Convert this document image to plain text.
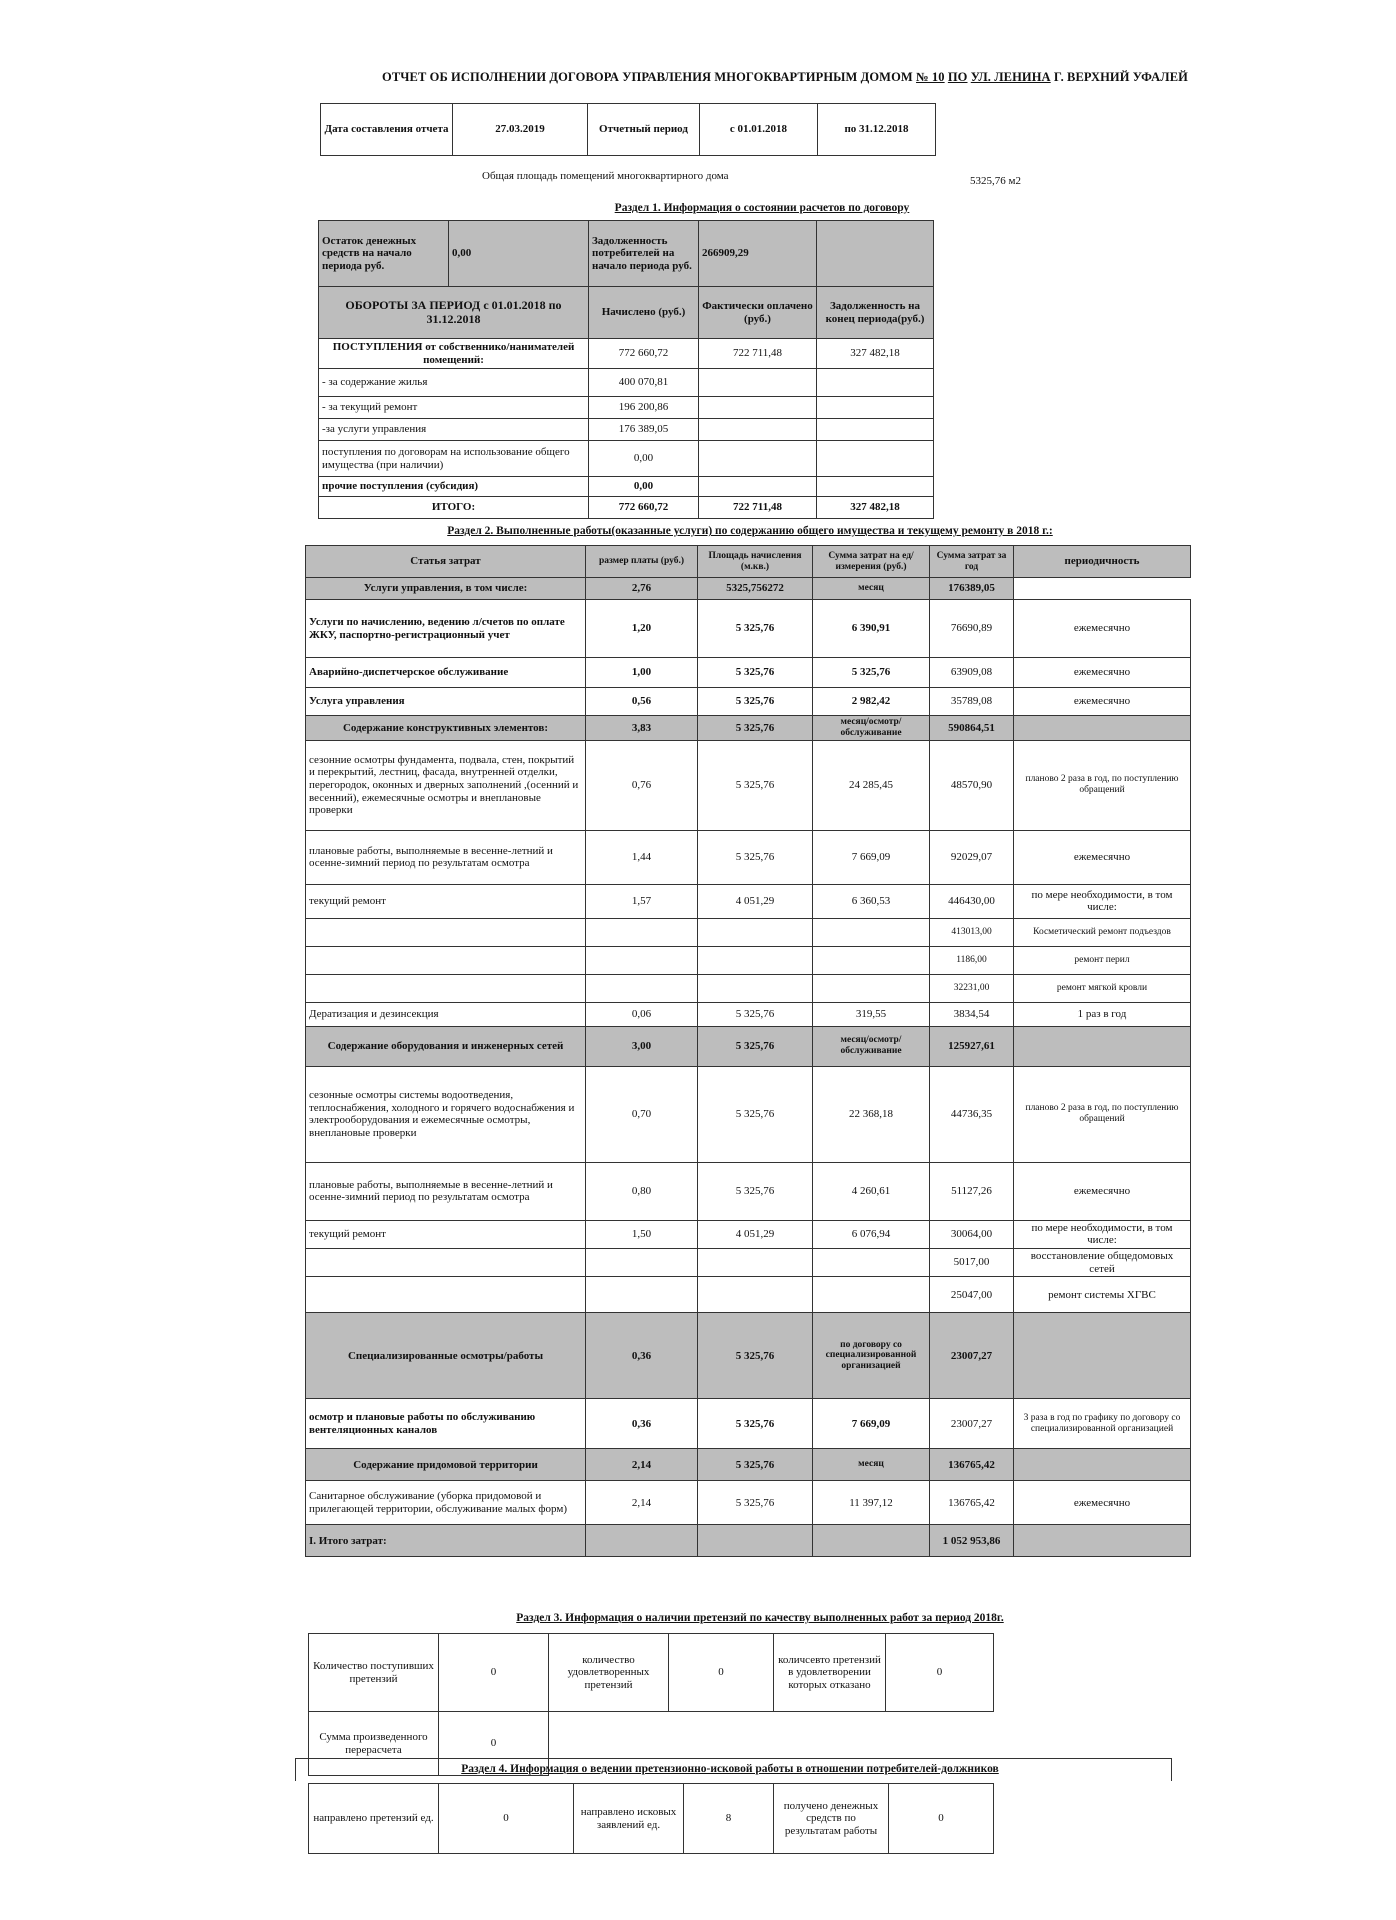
ОТЧЕТ ОБ ИСПОЛНЕНИИ ДОГОВОРА УПРАВЛЕНИЯ МНОГОКВАРТИРНЫМ ДОМОМ № 10 ПО УЛ. ЛЕНИНА Г. ВЕРХНИЙ УФАЛЕЙ
Дата составления отчета	27.03.2019	Отчетный период	с 01.01.2018	по 31.12.2018
Общая площадь помещений многоквартирного дома	5325,76 м2
Раздел 1. Информация о состоянии расчетов по договору
Остаток денежных средств на начало периода руб.	0,00	Задолженность потребителей на начало периода руб.	266909,29	
ОБОРОТЫ ЗА ПЕРИОД с 01.01.2018 по 31.12.2018		Начислено (руб.)	Фактически оплачено (руб.)	Задолженность на конец периода(руб.)
ПОСТУПЛЕНИЯ от собственнико/нанимателей помещений:		772 660,72	722 711,48	327 482,18
- за содержание жилья		400 070,81		
- за текущий ремонт		196 200,86		
-за услуги управления		176 389,05		
поступления по договорам на использование общего имущества (при наличии)		0,00		
прочие поступления (субсидия)		0,00		
ИТОГО:		772 660,72	722 711,48	327 482,18
Раздел 2. Выполненные работы(оказанные услуги) по содержанию общего имущества и текущему ремонту в 2018 г.:
Статья затрат	размер платы (руб.)	Площадь начисления (м.кв.)	Сумма затрат на ед/измерения (руб.)	Сумма затрат за год	периодичность
Услуги управления, в том числе:	2,76	5325,756272	месяц	176389,05	
Услуги по начислению, ведению л/счетов по оплате ЖКУ, паспортно-регистрационный учет	1,20	5 325,76	6 390,91	76690,89	ежемесячно
Аварийно-диспетчерское обслуживание	1,00	5 325,76	5 325,76	63909,08	ежемесячно
Услуга управления	0,56	5 325,76	2 982,42	35789,08	ежемесячно
Содержание конструктивных элементов:	3,83	5 325,76	месяц/осмотр/обслуживание	590864,51	
сезонние осмотры фундамента, подвала, стен, покрытий и перекрытий, лестниц, фасада, внутренней отделки, перегородок, оконных и дверных заполнений ,(осенний и весенний), ежемесячные осмотры и внеплановые проверки	0,76	5 325,76	24 285,45	48570,90	планово 2 раза в год, по поступлению обращений
плановые работы, выполняемые в весенне-летний и осенне-зимний период по результатам осмотра	1,44	5 325,76	7 669,09	92029,07	ежемесячно
текущий ремонт	1,57	4 051,29	6 360,53	446430,00	по мере необходимости, в том числе:
				413013,00	Косметический ремонт подъездов
				1186,00	ремонт перил
				32231,00	ремонт мягкой кровли
Дератизация и дезинсекция	0,06	5 325,76	319,55	3834,54	1 раз в год
Содержание оборудования и инженерных сетей	3,00	5 325,76	месяц/осмотр/обслуживание	125927,61	
сезонные осмотры системы водоотведения, теплоснабжения, холодного и горячего водоснабжения и электрооборудования и ежемесячные осмотры, внеплановые проверки	0,70	5 325,76	22 368,18	44736,35	планово 2 раза в год, по поступлению обращений
плановые работы, выполняемые в весенне-летний и осенне-зимний период по результатам осмотра	0,80	5 325,76	4 260,61	51127,26	ежемесячно
текущий ремонт	1,50	4 051,29	6 076,94	30064,00	по мере необходимости, в том числе:
				5017,00	восстановление общедомовых сетей
				25047,00	ремонт системы ХГВС
Специализированные осмотры/работы	0,36	5 325,76	по договору со специализированной организацией	23007,27	
осмотр и плановые работы по обслуживанию вентеляционных каналов	0,36	5 325,76	7 669,09	23007,27	3 раза в год по графику по договору со специализированной организацией
Содержание придомовой территории	2,14	5 325,76	месяц	136765,42	
Санитарное обслуживание (уборка придомовой и прилегающей территории, обслуживание малых форм)	2,14	5 325,76	11 397,12	136765,42	ежемесячно
I. Итого затрат:				1 052 953,86	
Раздел 3. Информация о наличии претензий по качеству выполненных работ за период 2018г.
Количество поступивших претензий	0	количество удовлетворенных претензий	0	количсевто претензий в удовлетворении которых отказано	0
Сумма произведенного перерасчета	0				
Раздел 4. Информация о ведении претензионно-исковой работы в отношении потребителей-должников
направлено претензий ед.	0	направлено исковых заявлений ед.	8	получено денежных средств по результатам работы	0
